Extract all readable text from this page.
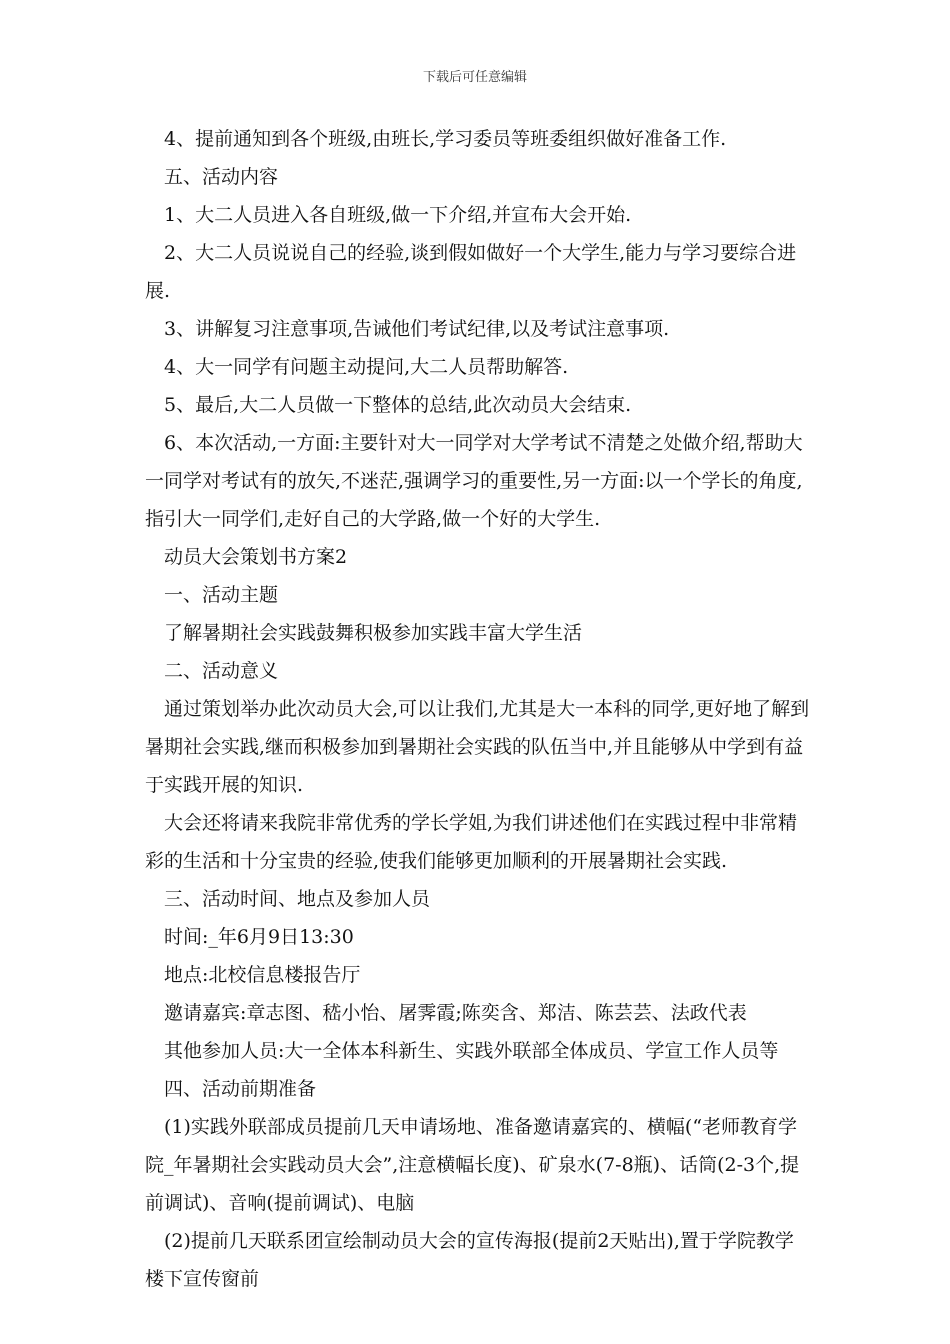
下载后可任意编辑

4、提前通知到各个班级,由班长,学习委员等班委组织做好准备工作.

五、活动内容

1、大二人员进入各自班级,做一下介绍,并宣布大会开始.

2、大二人员说说自己的经验,谈到假如做好一个大学生,能力与学习要综合进展.

3、讲解复习注意事项,告诫他们考试纪律,以及考试注意事项.

4、大一同学有问题主动提问,大二人员帮助解答.

5、最后,大二人员做一下整体的总结,此次动员大会结束.

6、本次活动,一方面:主要针对大一同学对大学考试不清楚之处做介绍,帮助大一同学对考试有的放矢,不迷茫,强调学习的重要性,另一方面:以一个学长的角度,指引大一同学们,走好自己的大学路,做一个好的大学生.

动员大会策划书方案2

一、活动主题

了解暑期社会实践鼓舞积极参加实践丰富大学生活

二、活动意义

通过策划举办此次动员大会,可以让我们,尤其是大一本科的同学,更好地了解到暑期社会实践,继而积极参加到暑期社会实践的队伍当中,并且能够从中学到有益于实践开展的知识.

大会还将请来我院非常优秀的学长学姐,为我们讲述他们在实践过程中非常精彩的生活和十分宝贵的经验,使我们能够更加顺利的开展暑期社会实践.

三、活动时间、地点及参加人员

时间:_年6月9日13:30

地点:北校信息楼报告厅

邀请嘉宾:章志图、嵇小怡、屠霁霞;陈奕含、郑洁、陈芸芸、法政代表

其他参加人员:大一全体本科新生、实践外联部全体成员、学宣工作人员等

四、活动前期准备

(1)实践外联部成员提前几天申请场地、准备邀请嘉宾的、横幅(“老师教育学院_年暑期社会实践动员大会”,注意横幅长度)、矿泉水(7-8瓶)、话筒(2-3个,提前调试)、音响(提前调试)、电脑

(2)提前几天联系团宣绘制动员大会的宣传海报(提前2天贴出),置于学院教学楼下宣传窗前
